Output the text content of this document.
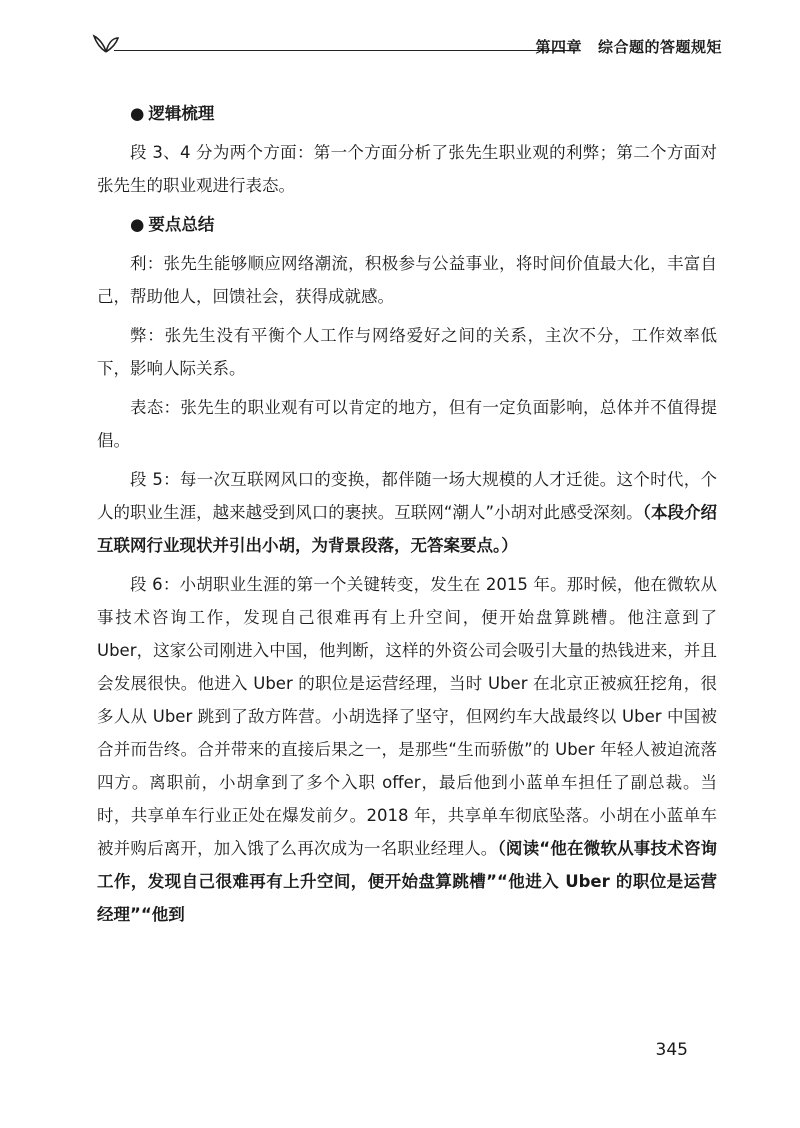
第四章 综合题的答题规矩

● 逻辑梳理

段 3、4 分为两个方面：第一个方面分析了张先生职业观的利弊；第二个方面对张先生的职业观进行表态。

● 要点总结

利：张先生能够顺应网络潮流，积极参与公益事业，将时间价值最大化，丰富自己，帮助他人，回馈社会，获得成就感。

弊：张先生没有平衡个人工作与网络爱好之间的关系，主次不分，工作效率低下，影响人际关系。

表态：张先生的职业观有可以肯定的地方，但有一定负面影响，总体并不值得提倡。

段 5：每一次互联网风口的变换，都伴随一场大规模的人才迁徙。这个时代，个人的职业生涯，越来越受到风口的裹挟。互联网“潮人”小胡对此感受深刻。（本段介绍互联网行业现状并引出小胡，为背景段落，无答案要点。）

段 6：小胡职业生涯的第一个关键转变，发生在 2015 年。那时候，他在微软从事技术咨询工作，发现自己很难再有上升空间，便开始盘算跳槽。他注意到了 Uber，这家公司刚进入中国，他判断，这样的外资公司会吸引大量的热钱进来，并且会发展很快。他进入 Uber 的职位是运营经理，当时 Uber 在北京正被疯狂挖角，很多人从 Uber 跳到了敌方阵营。小胡选择了坚守，但网约车大战最终以 Uber 中国被合并而告终。合并带来的直接后果之一，是那些“生而骄傲”的 Uber 年轻人被迫流落四方。离职前，小胡拿到了多个入职 offer，最后他到小蓝单车担任了副总裁。当时，共享单车行业正处在爆发前夕。2018 年，共享单车彻底坠落。小胡在小蓝单车被并购后离开，加入饿了么再次成为一名职业经理人。（阅读“他在微软从事技术咨询工作，发现自己很难再有上升空间，便开始盘算跳槽”“他进入 Uber 的职位是运营经理”“他到

345
